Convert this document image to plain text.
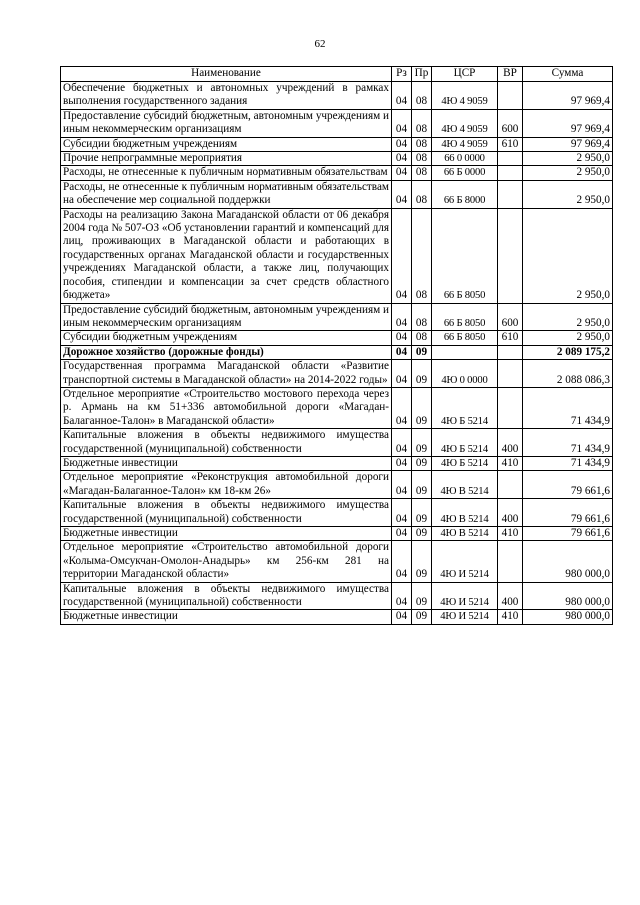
62
Наименование	Рз	Пр	ЦСР	ВР	Сумма
Обеспечение бюджетных и автономных учреждений в рамках выполнения государственного задания	04	08	4Ю 4 9059		97 969,4
Предоставление субсидий бюджетным, автономным учреждениям и иным некоммерческим организациям	04	08	4Ю 4 9059	600	97 969,4
Субсидии бюджетным учреждениям	04	08	4Ю 4 9059	610	97 969,4
Прочие непрограммные мероприятия	04	08	66 0 0000		2 950,0
Расходы, не отнесенные к публичным нормативным обязательствам	04	08	66 Б 0000		2 950,0
Расходы, не отнесенные к публичным нормативным обязательствам на обеспечение мер социальной поддержки	04	08	66 Б 8000		2 950,0
Расходы на реализацию Закона Магаданской области от 06 декабря 2004 года № 507-ОЗ «Об установлении гарантий и компенсаций для лиц, проживающих в Магаданской области и работающих в государственных органах Магаданской области и государственных учреждениях Магаданской области, а также лиц, получающих пособия, стипендии и компенсации за счет средств областного бюджета»	04	08	66 Б 8050		2 950,0
Предоставление субсидий бюджетным, автономным учреждениям и иным некоммерческим организациям	04	08	66 Б 8050	600	2 950,0
Субсидии бюджетным учреждениям	04	08	66 Б 8050	610	2 950,0
Дорожное хозяйство (дорожные фонды)	04	09			2 089 175,2
Государственная программа Магаданской области «Развитие транспортной системы в Магаданской области» на 2014-2022 годы»	04	09	4Ю 0 0000		2 088 086,3
Отдельное мероприятие «Строительство мостового перехода через р. Армань на км 51+336 автомобильной дороги «Магадан-Балаганное-Талон» в Магаданской области»	04	09	4Ю Б 5214		71 434,9
Капитальные вложения в объекты недвижимого имущества государственной (муниципальной) собственности	04	09	4Ю Б 5214	400	71 434,9
Бюджетные инвестиции	04	09	4Ю Б 5214	410	71 434,9
Отдельное мероприятие «Реконструкция автомобильной дороги «Магадан-Балаганное-Талон» км 18-км 26»	04	09	4Ю В 5214		79 661,6
Капитальные вложения в объекты недвижимого имущества государственной (муниципальной) собственности	04	09	4Ю В 5214	400	79 661,6
Бюджетные инвестиции	04	09	4Ю В 5214	410	79 661,6
Отдельное мероприятие «Строительство автомобильной дороги «Колыма-Омсукчан-Омолон-Анадырь» км 256-км 281 на территории Магаданской области»	04	09	4Ю И 5214		980 000,0
Капитальные вложения в объекты недвижимого имущества государственной (муниципальной) собственности	04	09	4Ю И 5214	400	980 000,0
Бюджетные инвестиции	04	09	4Ю И 5214	410	980 000,0
